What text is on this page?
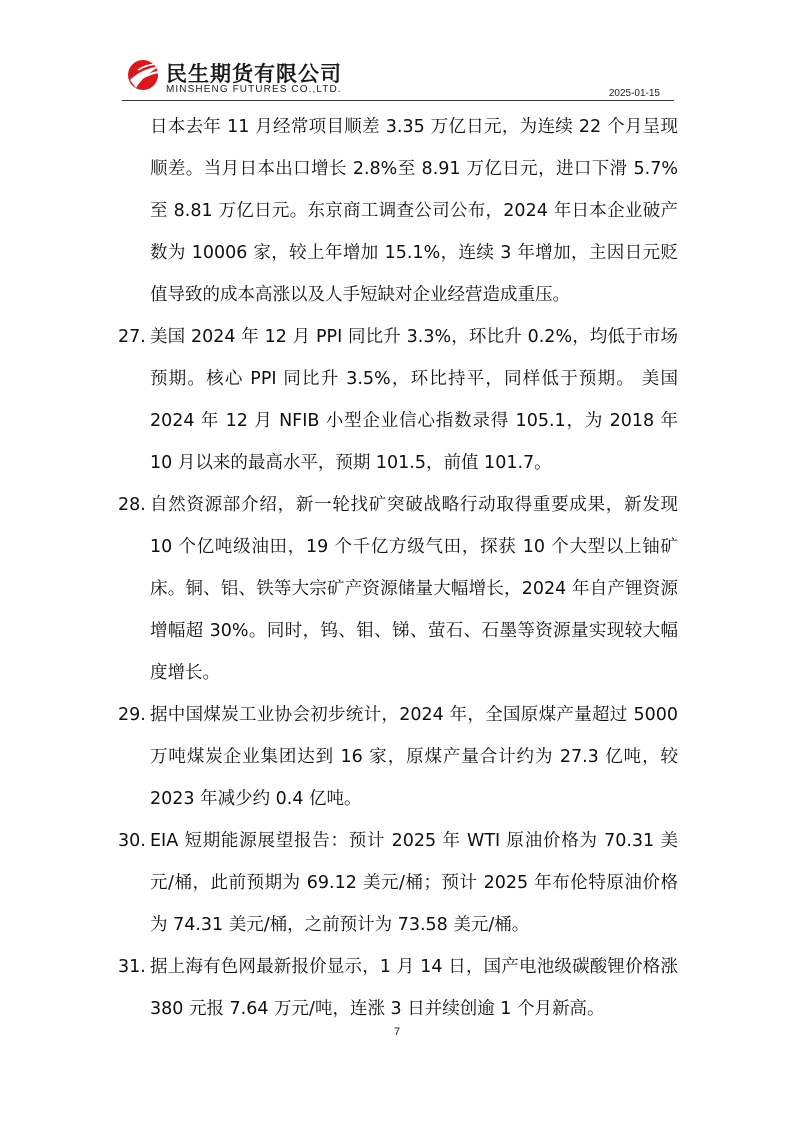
民生期货有限公司
MINSHENG FUTURES CO.,LTD.	2025-01-15
日本去年 11 月经常项目顺差 3.35 万亿日元，为连续 22 个月呈现顺差。当月日本出口增长 2.8%至 8.91 万亿日元，进口下滑 5.7%至 8.81 万亿日元。东京商工调查公司公布，2024 年日本企业破产数为 10006 家，较上年增加 15.1%，连续 3 年增加，主因日元贬值导致的成本高涨以及人手短缺对企业经营造成重压。
27. 美国 2024 年 12 月 PPI 同比升 3.3%，环比升 0.2%，均低于市场预期。核心 PPI 同比升 3.5%，环比持平，同样低于预期。 美国 2024 年 12 月 NFIB 小型企业信心指数录得 105.1，为 2018 年 10 月以来的最高水平，预期 101.5，前值 101.7。
28. 自然资源部介绍，新一轮找矿突破战略行动取得重要成果，新发现 10 个亿吨级油田，19 个千亿方级气田，探获 10 个大型以上铀矿床。铜、铝、铁等大宗矿产资源储量大幅增长，2024 年自产锂资源增幅超 30%。同时，钨、钼、锑、萤石、石墨等资源量实现较大幅度增长。
29. 据中国煤炭工业协会初步统计，2024 年，全国原煤产量超过 5000 万吨煤炭企业集团达到 16 家，原煤产量合计约为 27.3 亿吨，较 2023 年减少约 0.4 亿吨。
30. EIA 短期能源展望报告：预计 2025 年 WTI 原油价格为 70.31 美元/桶，此前预期为 69.12 美元/桶；预计 2025 年布伦特原油价格为 74.31 美元/桶，之前预计为 73.58 美元/桶。
31. 据上海有色网最新报价显示，1 月 14 日，国产电池级碳酸锂价格涨 380 元报 7.64 万元/吨，连涨 3 日并续创逾 1 个月新高。
7
